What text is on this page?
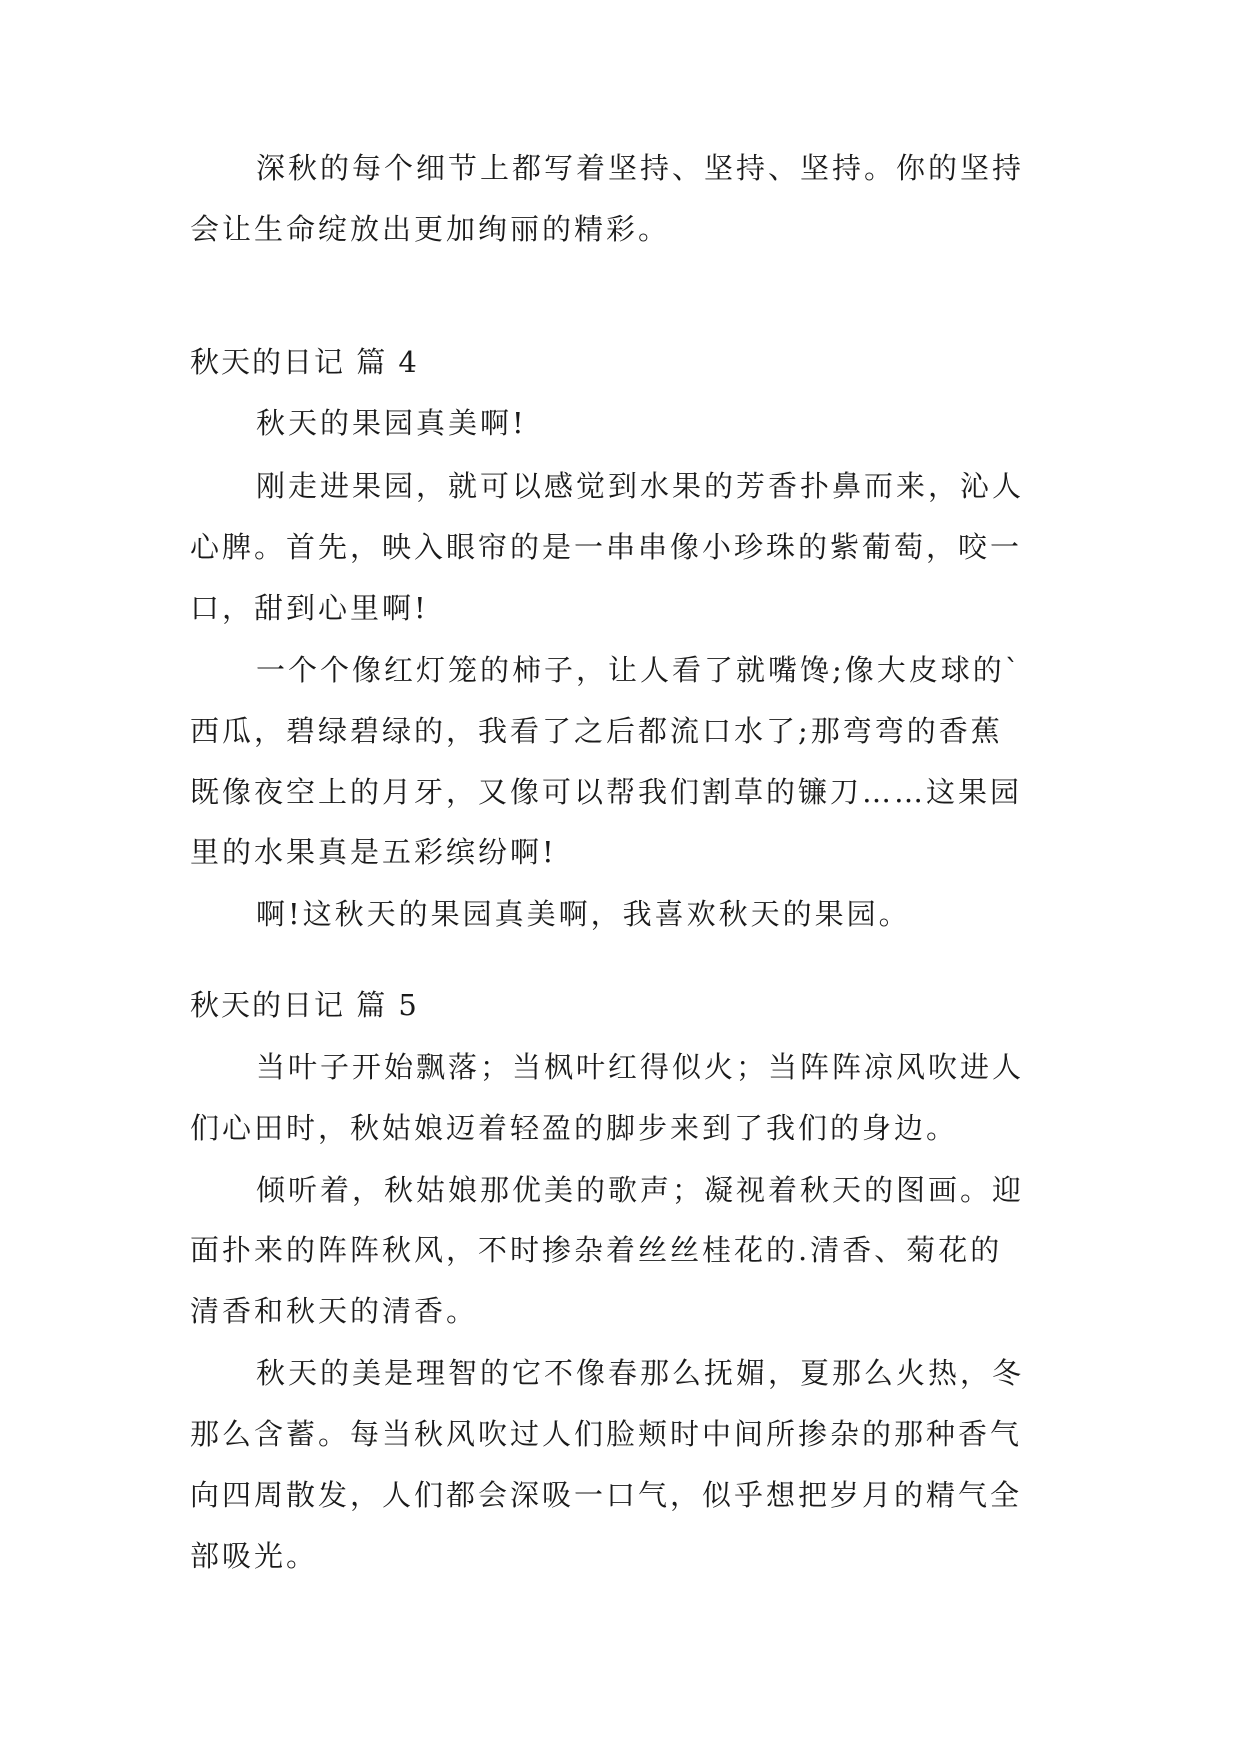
深秋的每个细节上都写着坚持、坚持、坚持。你的坚持
会让生命绽放出更加绚丽的精彩。
秋天的日记 篇 4
秋天的果园真美啊!
刚走进果园，就可以感觉到水果的芳香扑鼻而来，沁人
心脾。首先，映入眼帘的是一串串像小珍珠的紫葡萄，咬一
口，甜到心里啊!
一个个像红灯笼的柿子，让人看了就嘴馋;像大皮球的`
西瓜，碧绿碧绿的，我看了之后都流口水了;那弯弯的香蕉
既像夜空上的月牙，又像可以帮我们割草的镰刀……这果园
里的水果真是五彩缤纷啊!
啊!这秋天的果园真美啊，我喜欢秋天的果园。
秋天的日记 篇 5
当叶子开始飘落；当枫叶红得似火；当阵阵凉风吹进人
们心田时，秋姑娘迈着轻盈的脚步来到了我们的身边。
倾听着，秋姑娘那优美的歌声；凝视着秋天的图画。迎
面扑来的阵阵秋风，不时掺杂着丝丝桂花的.清香、菊花的
清香和秋天的清香。
秋天的美是理智的它不像春那么抚媚，夏那么火热，冬
那么含蓄。每当秋风吹过人们脸颊时中间所掺杂的那种香气
向四周散发，人们都会深吸一口气，似乎想把岁月的精气全
部吸光。
